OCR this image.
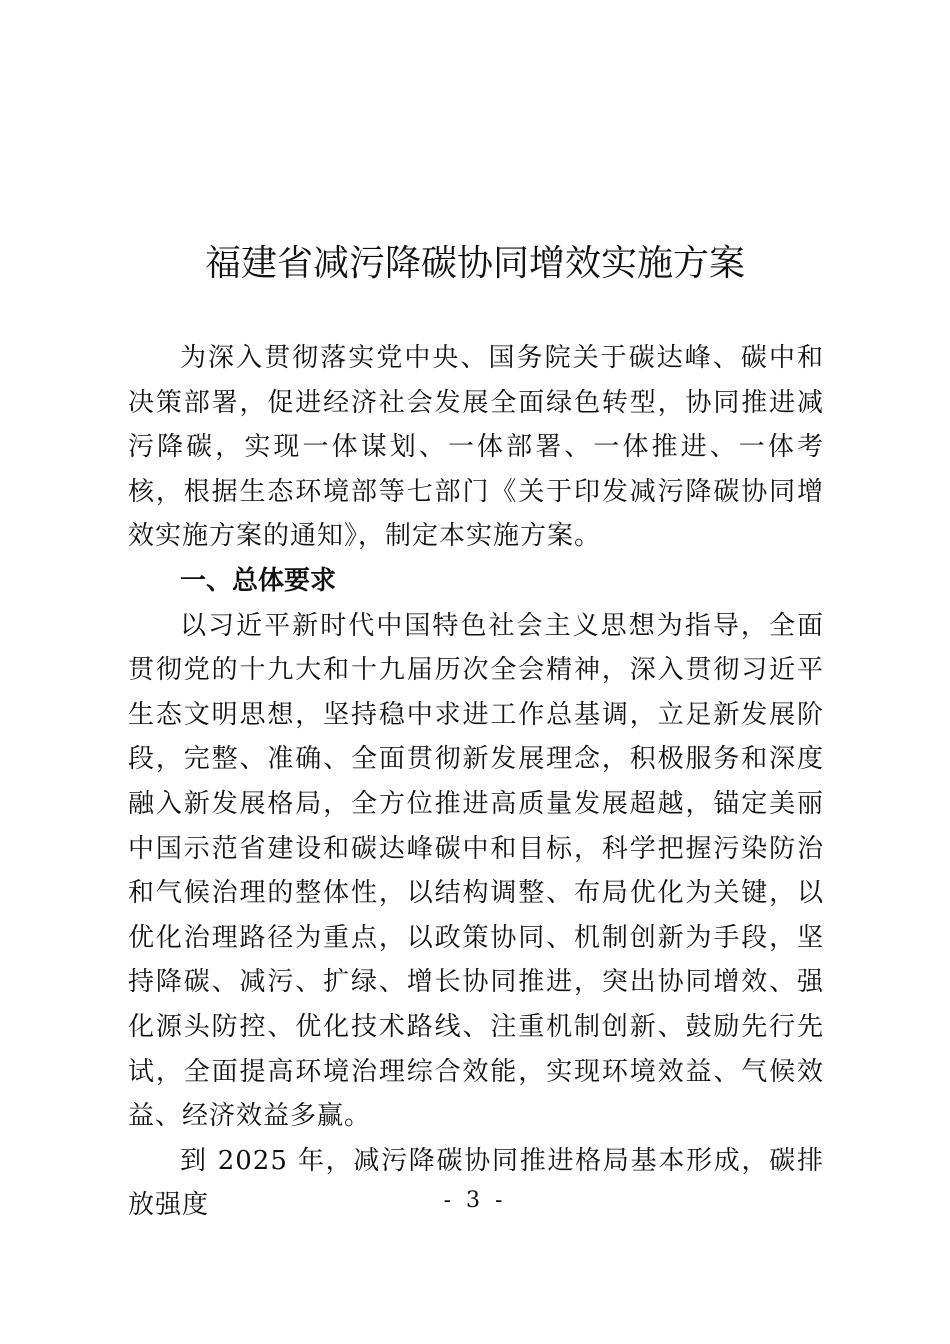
福建省减污降碳协同增效实施方案

为深入贯彻落实党中央、国务院关于碳达峰、碳中和决策部署，促进经济社会发展全面绿色转型，协同推进减污降碳，实现一体谋划、一体部署、一体推进、一体考核，根据生态环境部等七部门《关于印发减污降碳协同增效实施方案的通知》，制定本实施方案。

一、总体要求

以习近平新时代中国特色社会主义思想为指导，全面贯彻党的十九大和十九届历次全会精神，深入贯彻习近平生态文明思想，坚持稳中求进工作总基调，立足新发展阶段，完整、准确、全面贯彻新发展理念，积极服务和深度融入新发展格局，全方位推进高质量发展超越，锚定美丽中国示范省建设和碳达峰碳中和目标，科学把握污染防治和气候治理的整体性，以结构调整、布局优化为关键，以优化治理路径为重点，以政策协同、机制创新为手段，坚持降碳、减污、扩绿、增长协同推进，突出协同增效、强化源头防控、优化技术路线、注重机制创新、鼓励先行先试，全面提高环境治理综合效能，实现环境效益、气候效益、经济效益多赢。

到 2025 年，减污降碳协同推进格局基本形成，碳排放强度	- 3 -
